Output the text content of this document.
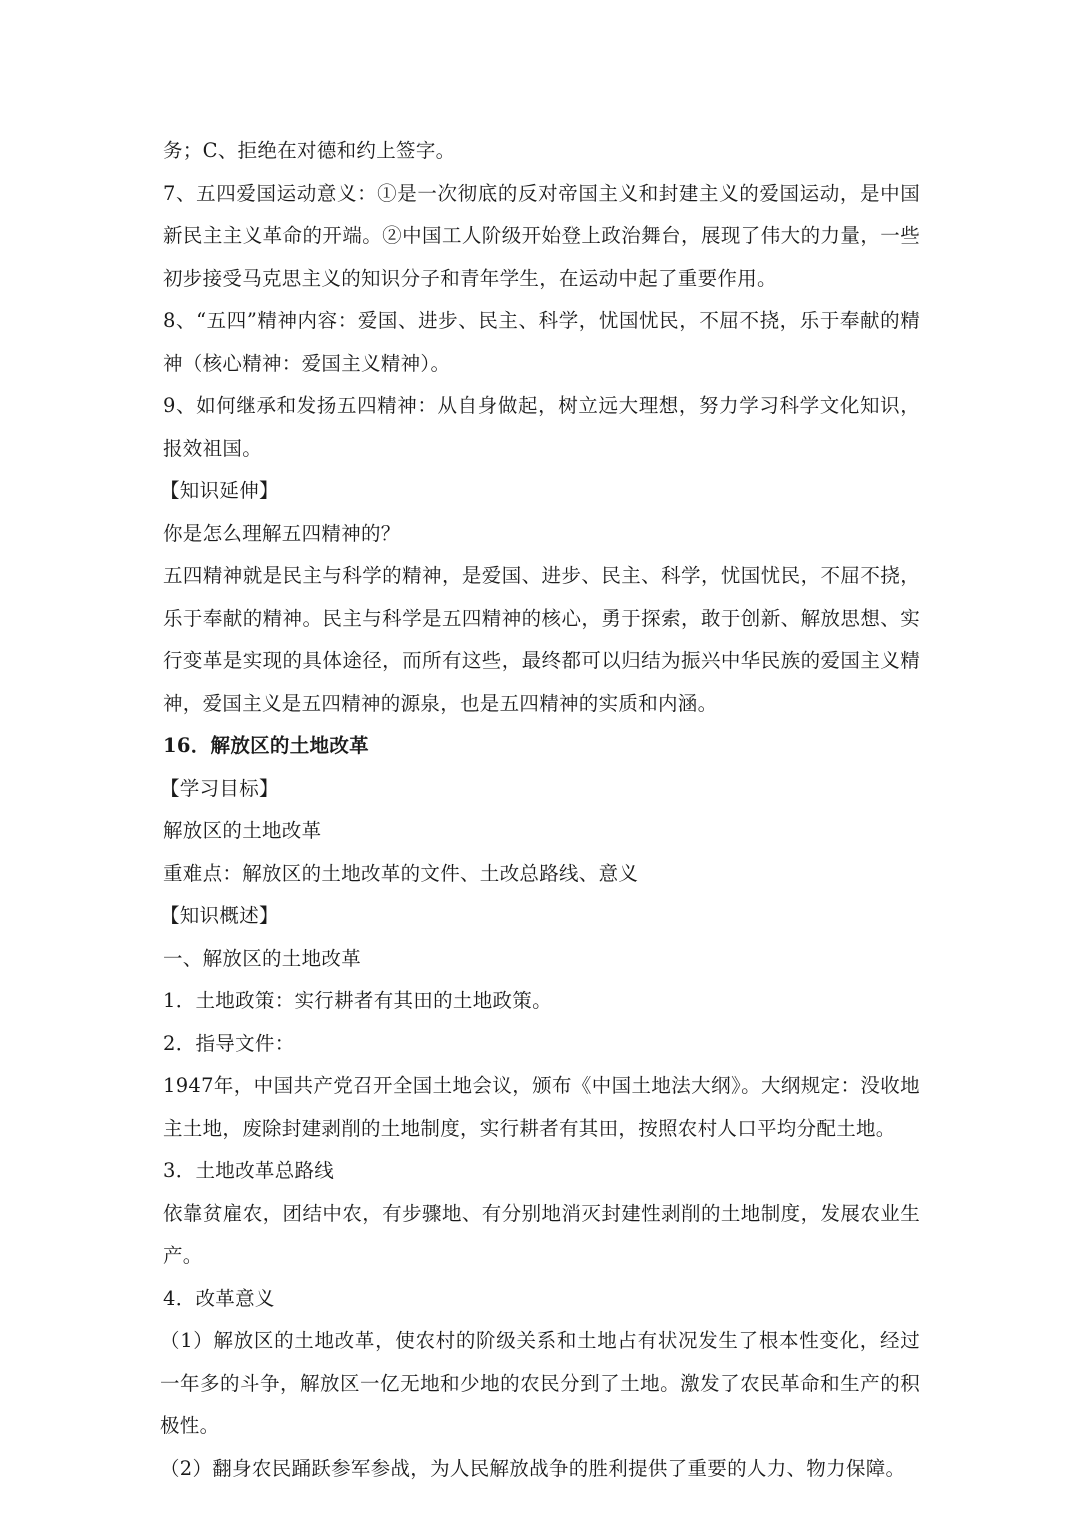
务；C、拒绝在对德和约上签字。

7、五四爱国运动意义：①是一次彻底的反对帝国主义和封建主义的爱国运动，是中国新民主主义革命的开端。②中国工人阶级开始登上政治舞台，展现了伟大的力量，一些初步接受马克思主义的知识分子和青年学生，在运动中起了重要作用。

8、“五四”精神内容：爱国、进步、民主、科学，忧国忧民，不屈不挠，乐于奉献的精神（核心精神：爱国主义精神）。

9、如何继承和发扬五四精神：从自身做起，树立远大理想，努力学习科学文化知识，报效祖国。

【知识延伸】

你是怎么理解五四精神的？

五四精神就是民主与科学的精神，是爱国、进步、民主、科学，忧国忧民，不屈不挠，乐于奉献的精神。民主与科学是五四精神的核心，勇于探索，敢于创新、解放思想、实行变革是实现的具体途径，而所有这些，最终都可以归结为振兴中华民族的爱国主义精神，爱国主义是五四精神的源泉，也是五四精神的实质和内涵。

16．解放区的土地改革

【学习目标】

解放区的土地改革

重难点：解放区的土地改革的文件、土改总路线、意义

【知识概述】

一、解放区的土地改革

1．土地政策：实行耕者有其田的土地政策。

2．指导文件：

1947年，中国共产党召开全国土地会议，颁布《中国土地法大纲》。大纲规定：没收地主土地，废除封建剥削的土地制度，实行耕者有其田，按照农村人口平均分配土地。

3．土地改革总路线

依靠贫雇农，团结中农，有步骤地、有分别地消灭封建性剥削的土地制度，发展农业生产。

4．改革意义

（1）解放区的土地改革，使农村的阶级关系和土地占有状况发生了根本性变化，经过一年多的斗争，解放区一亿无地和少地的农民分到了土地。激发了农民革命和生产的积极性。

（2）翻身农民踊跃参军参战，为人民解放战争的胜利提供了重要的人力、物力保障。
